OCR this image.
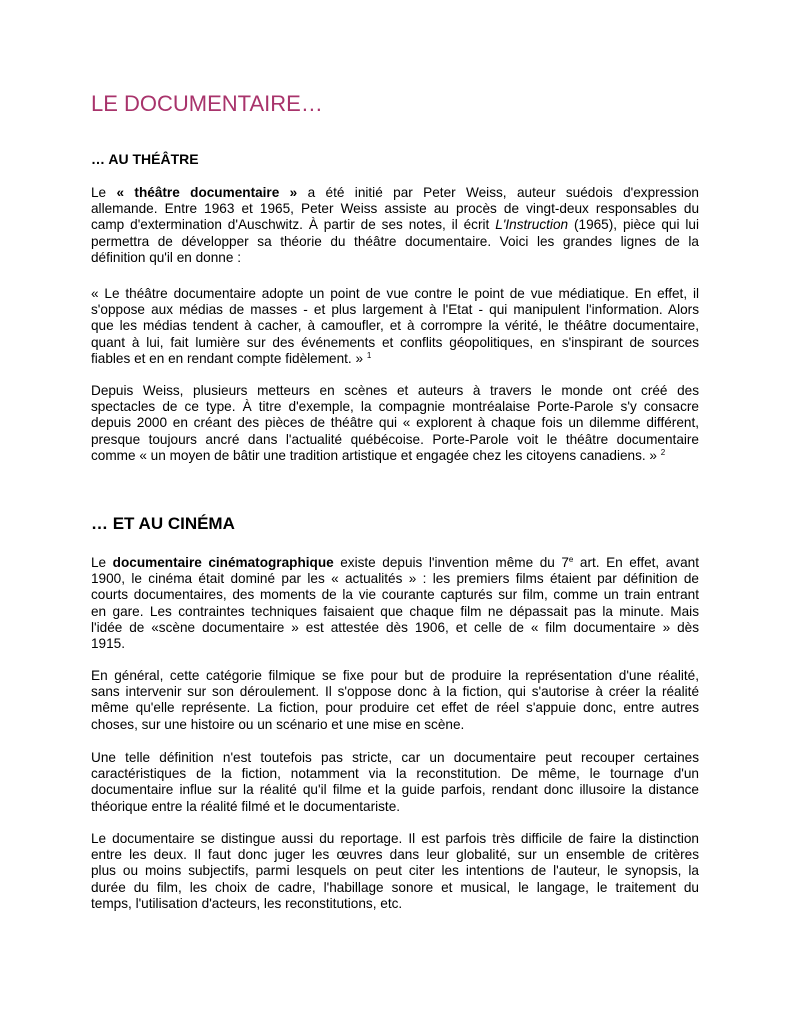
LE DOCUMENTAIRE…
… AU THÉÂTRE
Le « théâtre documentaire » a été initié par Peter Weiss, auteur suédois d'expression
allemande. Entre 1963 et 1965, Peter Weiss assiste au procès de vingt-deux responsables du
camp d'extermination d'Auschwitz. À partir de ses notes, il écrit L'Instruction (1965), pièce qui lui
permettra de développer sa théorie du théâtre documentaire. Voici les grandes lignes de la
définition qu'il en donne :
« Le théâtre documentaire adopte un point de vue contre le point de vue médiatique. En effet, il
s'oppose aux médias de masses - et plus largement à l'Etat - qui manipulent l'information. Alors
que les médias tendent à cacher, à camoufler, et à corrompre la vérité, le théâtre documentaire,
quant à lui, fait lumière sur des événements et conflits géopolitiques, en s'inspirant de sources
fiables et en en rendant compte fidèlement. » $^1$
Depuis Weiss, plusieurs metteurs en scènes et auteurs à travers le monde ont créé des
spectacles de ce type. À titre d'exemple, la compagnie montréalaise Porte-Parole s'y consacre
depuis 2000 en créant des pièces de théâtre qui « explorent à chaque fois un dilemme différent,
presque toujours ancré dans l'actualité québécoise. Porte-Parole voit le théâtre documentaire
comme « un moyen de bâtir une tradition artistique et engagée chez les citoyens canadiens. » $^2$
… ET AU CINÉMA
Le documentaire cinématographique existe depuis l'invention même du 7e art. En effet, avant
1900, le cinéma était dominé par les « actualités » : les premiers films étaient par définition de
courts documentaires, des moments de la vie courante capturés sur film, comme un train entrant
en gare. Les contraintes techniques faisaient que chaque film ne dépassait pas la minute. Mais
l'idée de «scène documentaire » est attestée dès 1906, et celle de « film documentaire » dès
1915.
En général, cette catégorie filmique se fixe pour but de produire la représentation d'une réalité,
sans intervenir sur son déroulement. Il s'oppose donc à la fiction, qui s'autorise à créer la réalité
même qu'elle représente. La fiction, pour produire cet effet de réel s'appuie donc, entre autres
choses, sur une histoire ou un scénario et une mise en scène.
Une telle définition n'est toutefois pas stricte, car un documentaire peut recouper certaines
caractéristiques de la fiction, notamment via la reconstitution. De même, le tournage d'un
documentaire influe sur la réalité qu'il filme et la guide parfois, rendant donc illusoire la distance
théorique entre la réalité filmé et le documentariste.
Le documentaire se distingue aussi du reportage. Il est parfois très difficile de faire la distinction
entre les deux. Il faut donc juger les œuvres dans leur globalité, sur un ensemble de critères
plus ou moins subjectifs, parmi lesquels on peut citer les intentions de l'auteur, le synopsis, la
durée du film, les choix de cadre, l'habillage sonore et musical, le langage, le traitement du
temps, l'utilisation d'acteurs, les reconstitutions, etc.
